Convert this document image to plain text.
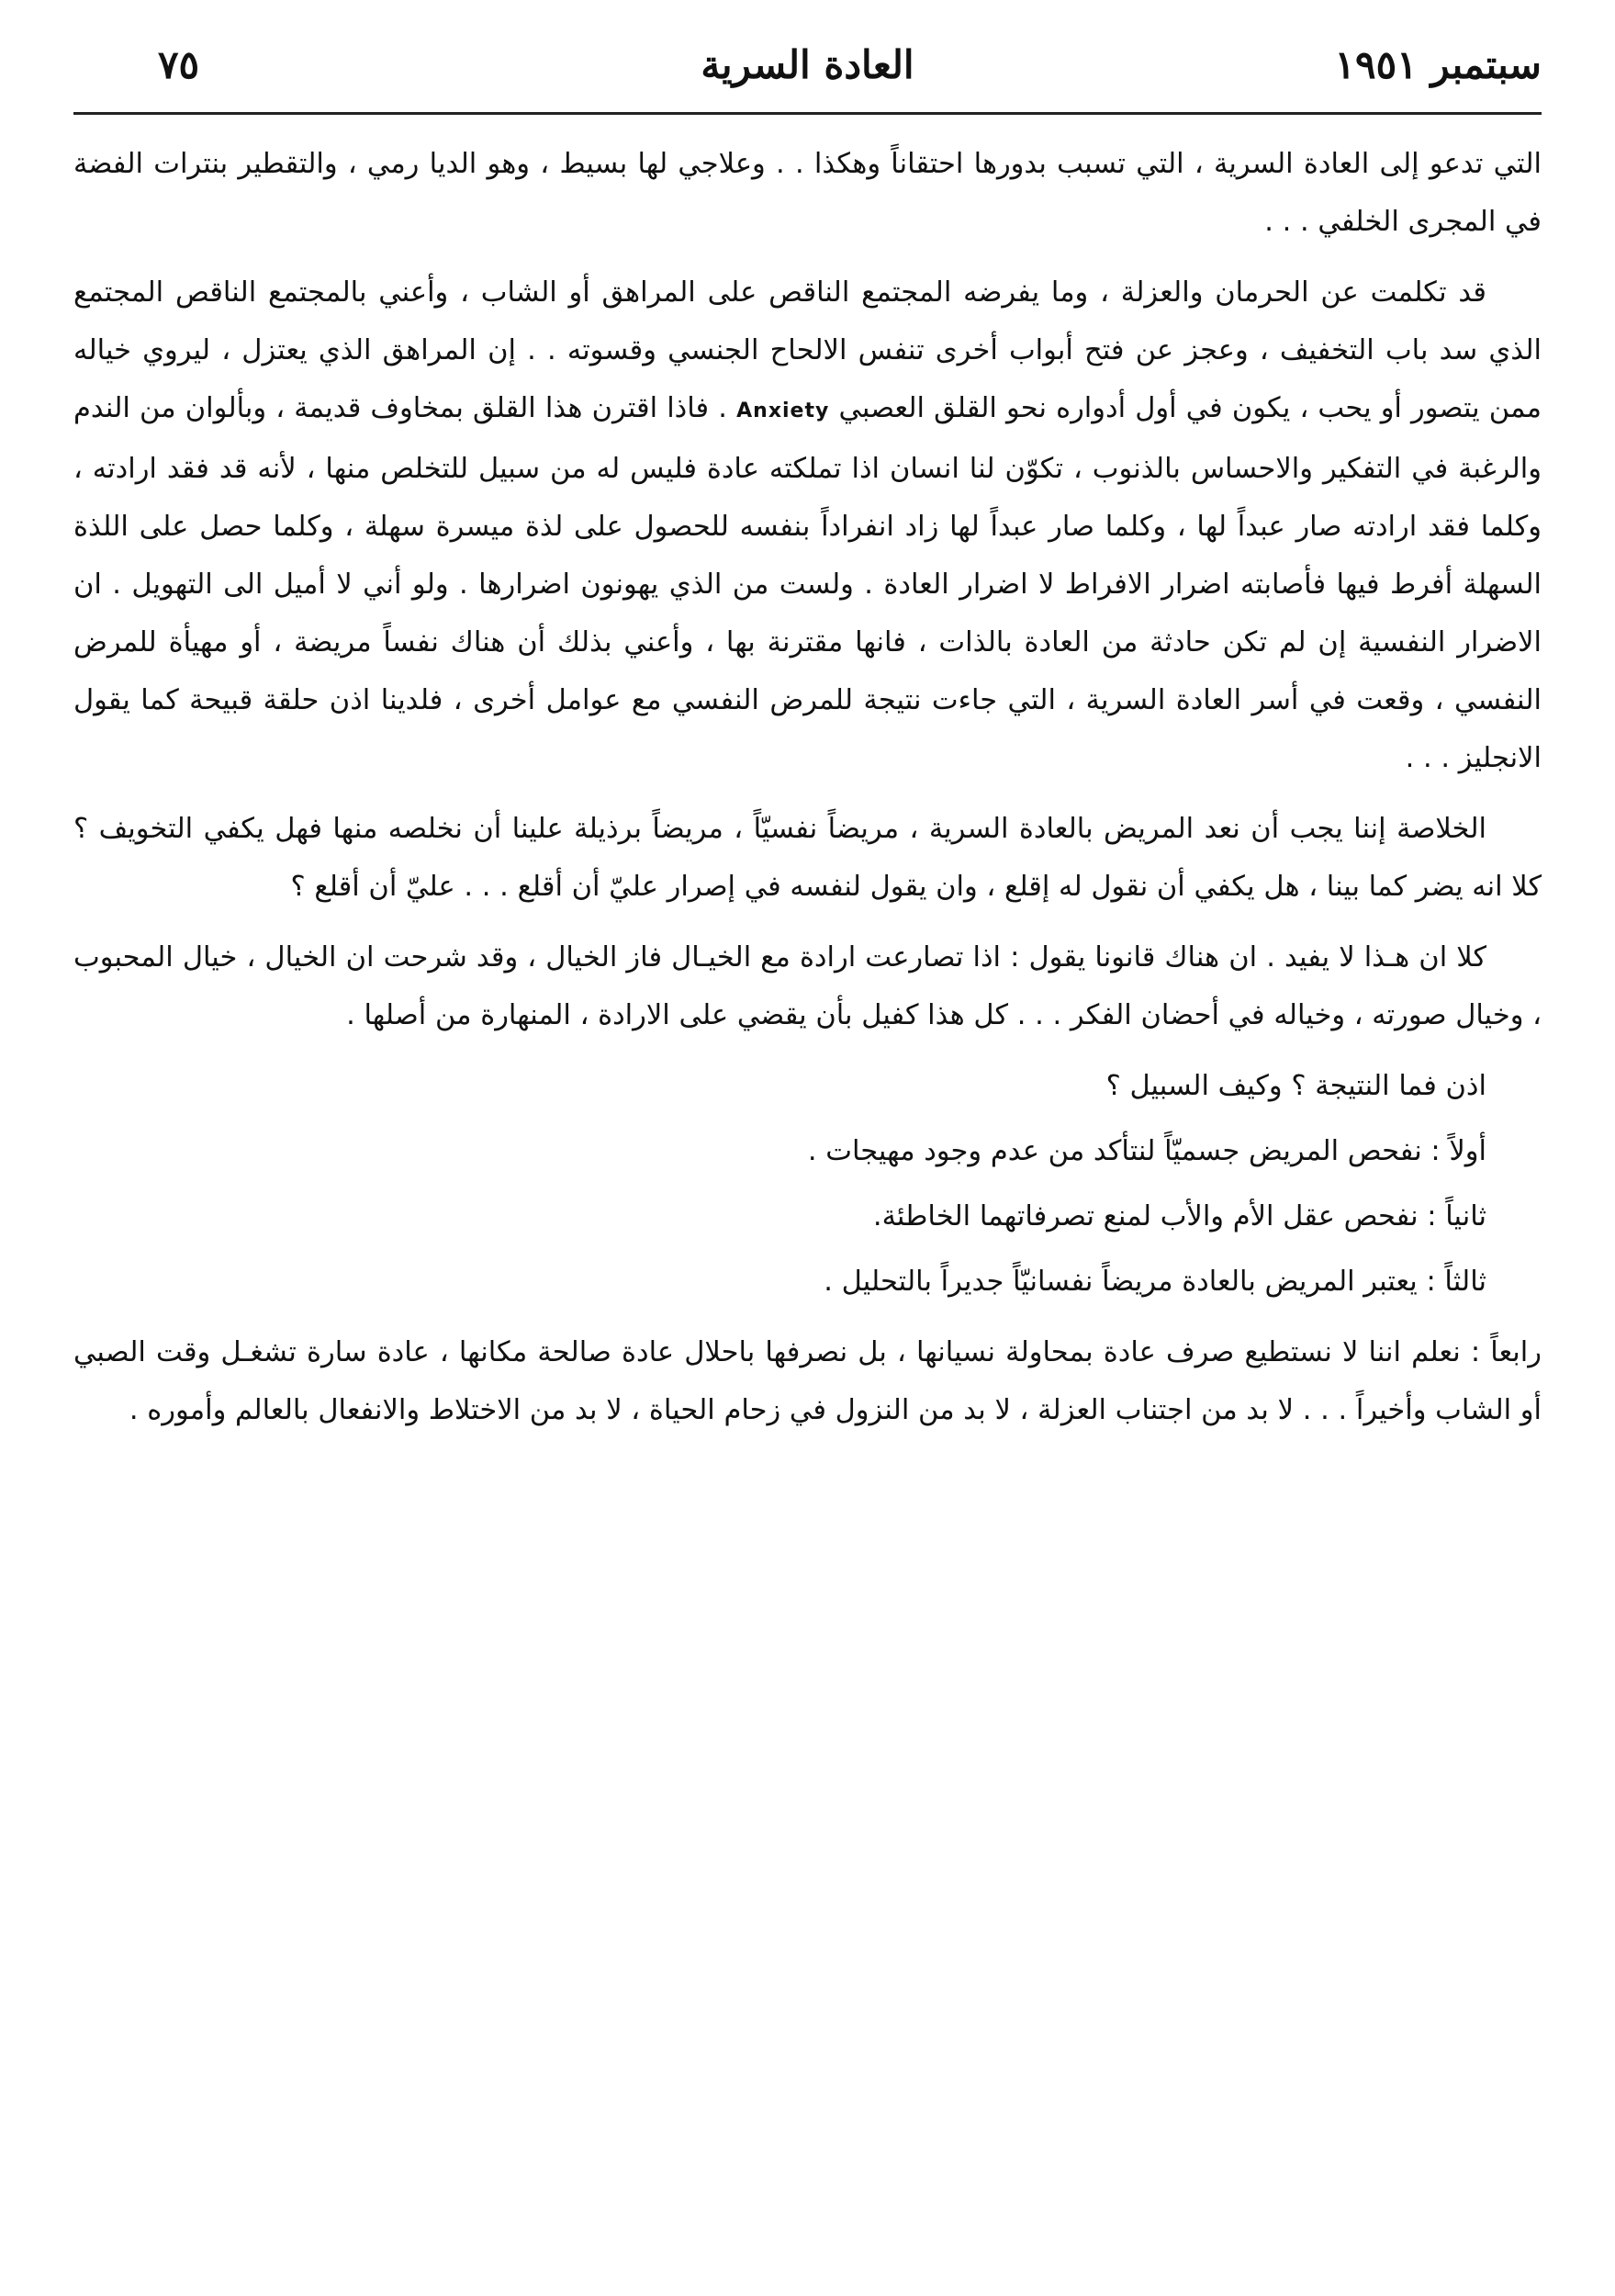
٧٥	العادة السرية	سبتمبر ١٩٥١

التي تدعو إلى العادة السرية ، التي تسبب بدورها احتقاناً وهكذا . . وعلاجي لها بسيط ، وهو الديا رمي ، والتقطير بنترات الفضة في المجرى الخلفي . . .

قد تكلمت عن الحرمان والعزلة ، وما يفرضه المجتمع الناقص على المراهق أو الشاب ، وأعني بالمجتمع الناقص المجتمع الذي سد باب التخفيف ، وعجز عن فتح أبواب أخرى تنفس الالحاح الجنسي وقسوته . . إن المراهق الذي يعتزل ، ليروي خياله ممن يتصور أو يحب ، يكون في أول أدواره نحو القلق العصبي Anxiety . فاذا اقترن هذا القلق بمخاوف قديمة ، وبألوان من الندم والرغبة في التفكير والاحساس بالذنوب ، تكوّن لنا انسان اذا تملكته عادة فليس له من سبيل للتخلص منها ، لأنه قد فقد ارادته ، وكلما فقد ارادته صار عبداً لها ، وكلما صار عبداً لها زاد انفراداً بنفسه للحصول على لذة ميسرة سهلة ، وكلما حصل على اللذة السهلة أفرط فيها فأصابته اضرار الافراط لا اضرار العادة . ولست من الذي يهونون اضرارها . ولو أني لا أميل الى التهويل . ان الاضرار النفسية إن لم تكن حادثة من العادة بالذات ، فانها مقترنة بها ، وأعني بذلك أن هناك نفساً مريضة ، أو مهيأة للمرض النفسي ، وقعت في أسر العادة السرية ، التي جاءت نتيجة للمرض النفسي مع عوامل أخرى ، فلدينا اذن حلقة قبيحة كما يقول الانجليز . . .

الخلاصة إننا يجب أن نعد المريض بالعادة السرية ، مريضاً نفسيّاً ، مريضاً برذيلة علينا أن نخلصه منها فهل يكفي التخويف ؟ كلا انه يضر كما بينا ، هل يكفي أن نقول له إقلع ، وان يقول لنفسه في إصرار عليّ أن أقلع . . . عليّ أن أقلع ؟

كلا ان هـذا لا يفيد . ان هناك قانونا يقول : اذا تصارعت ارادة مع الخيـال فاز الخيال ، وقد شرحت ان الخيال ، خيال المحبوب ، وخيال صورته ، وخياله في أحضان الفكر . . . كل هذا كفيل بأن يقضي على الارادة ، المنهارة من أصلها .

اذن فما النتيجة ؟ وكيف السبيل ؟

أولاً : نفحص المريض جسميّاً لنتأكد من عدم وجود مهيجات .

ثانياً : نفحص عقل الأم والأب لمنع تصرفاتهما الخاطئة.

ثالثاً : يعتبر المريض بالعادة مريضاً نفسانيّاً جديراً بالتحليل .

رابعاً : نعلم اننا لا نستطيع صرف عادة بمحاولة نسيانها ، بل نصرفها باحلال عادة صالحة مكانها ، عادة سارة تشغـل وقت الصبي أو الشاب وأخيراً . . . لا بد من اجتناب العزلة ، لا بد من النزول في زحام الحياة ، لا بد من الاختلاط والانفعال بالعالم وأموره .
